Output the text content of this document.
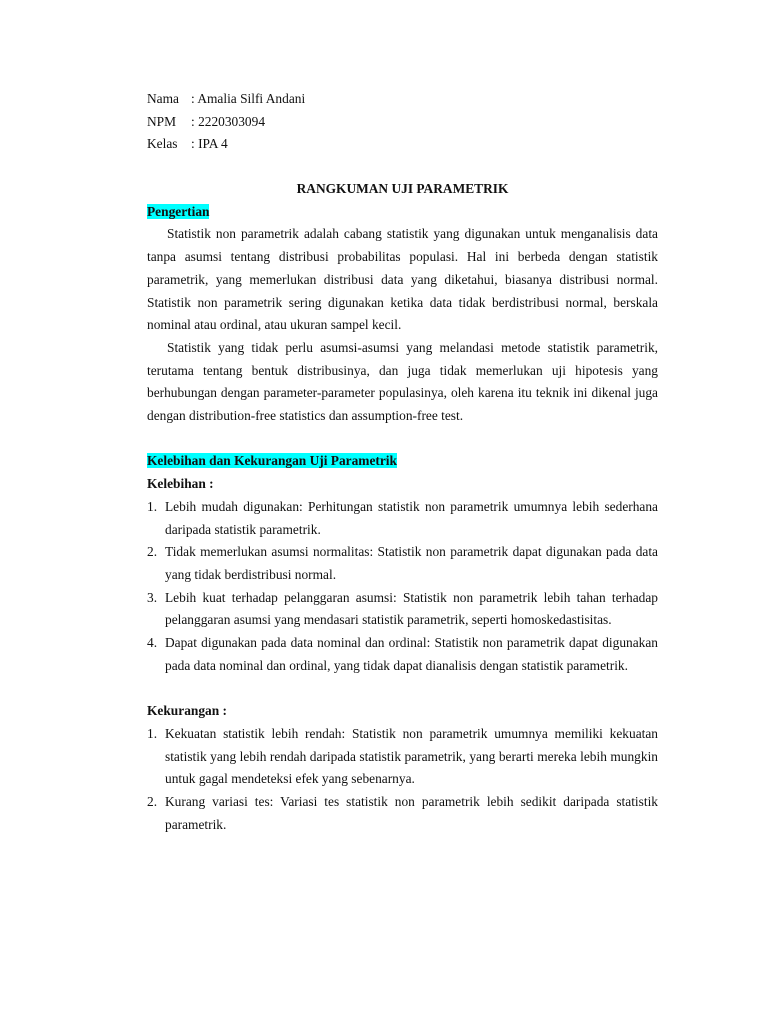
Nama : Amalia Silfi Andani
NPM	: 2220303094
Kelas	: IPA 4
RANGKUMAN UJI PARAMETRIK
Pengertian

Statistik non parametrik adalah cabang statistik yang digunakan untuk menganalisis data tanpa asumsi tentang distribusi probabilitas populasi. Hal ini berbeda dengan statistik parametrik, yang memerlukan distribusi data yang diketahui, biasanya distribusi normal. Statistik non parametrik sering digunakan ketika data tidak berdistribusi normal, berskala nominal atau ordinal, atau ukuran sampel kecil.

Statistik yang tidak perlu asumsi-asumsi yang melandasi metode statistik parametrik, terutama tentang bentuk distribusinya, dan juga tidak memerlukan uji hipotesis yang berhubungan dengan parameter-parameter populasinya, oleh karena itu teknik ini dikenal juga dengan distribution-free statistics dan assumption-free test.

Kelebihan dan Kekurangan Uji Parametrik
Kelebihan :
1. Lebih mudah digunakan: Perhitungan statistik non parametrik umumnya lebih sederhana daripada statistik parametrik.
2. Tidak memerlukan asumsi normalitas: Statistik non parametrik dapat digunakan pada data yang tidak berdistribusi normal.
3. Lebih kuat terhadap pelanggaran asumsi: Statistik non parametrik lebih tahan terhadap pelanggaran asumsi yang mendasari statistik parametrik, seperti homoskedastisitas.
4. Dapat digunakan pada data nominal dan ordinal: Statistik non parametrik dapat digunakan pada data nominal dan ordinal, yang tidak dapat dianalisis dengan statistik parametrik.
Kekurangan :
1. Kekuatan statistik lebih rendah: Statistik non parametrik umumnya memiliki kekuatan statistik yang lebih rendah daripada statistik parametrik, yang berarti mereka lebih mungkin untuk gagal mendeteksi efek yang sebenarnya.
2. Kurang variasi tes: Variasi tes statistik non parametrik lebih sedikit daripada statistik parametrik.
